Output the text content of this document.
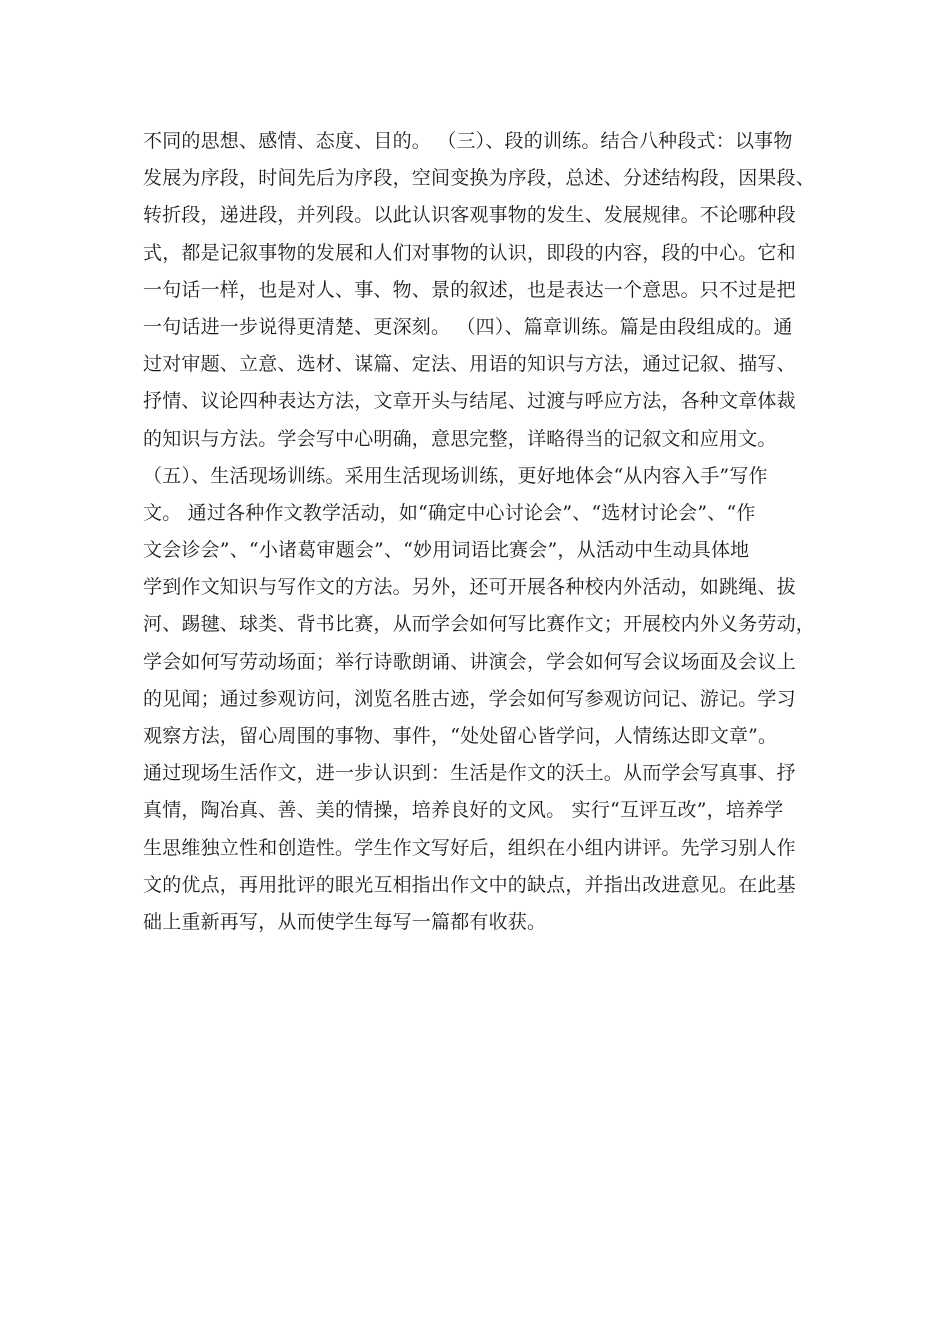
不同的思想、感情、态度、目的。 （三）、段的训练。结合八种段式：以事物
发展为序段，时间先后为序段，空间变换为序段，总述、分述结构段，因果段、
转折段，递进段，并列段。以此认识客观事物的发生、发展规律。不论哪种段
式，都是记叙事物的发展和人们对事物的认识，即段的内容，段的中心。它和
一句话一样，也是对人、事、物、景的叙述，也是表达一个意思。只不过是把
一句话进一步说得更清楚、更深刻。 （四）、篇章训练。篇是由段组成的。通
过对审题、立意、选材、谋篇、定法、用语的知识与方法，通过记叙、描写、
抒情、议论四种表达方法，文章开头与结尾、过渡与呼应方法，各种文章体裁
的知识与方法。学会写中心明确，意思完整，详略得当的记叙文和应用文。
（五）、生活现场训练。采用生活现场训练，更好地体会“从内容入手”写作
文。 通过各种作文教学活动，如“确定中心讨论会”、“选材讨论会”、“作
文会诊会”、“小诸葛审题会”、“妙用词语比赛会”，从活动中生动具体地
学到作文知识与写作文的方法。另外，还可开展各种校内外活动，如跳绳、拔
河、踢毽、球类、背书比赛，从而学会如何写比赛作文；开展校内外义务劳动，
学会如何写劳动场面；举行诗歌朗诵、讲演会，学会如何写会议场面及会议上
的见闻；通过参观访问，浏览名胜古迹，学会如何写参观访问记、游记。学习
观察方法，留心周围的事物、事件，“处处留心皆学问，人情练达即文章”。
通过现场生活作文，进一步认识到：生活是作文的沃土。从而学会写真事、抒
真情，陶冶真、善、美的情操，培养良好的文风。 实行“互评互改”，培养学
生思维独立性和创造性。学生作文写好后，组织在小组内讲评。先学习别人作
文的优点，再用批评的眼光互相指出作文中的缺点，并指出改进意见。在此基
础上重新再写，从而使学生每写一篇都有收获。
